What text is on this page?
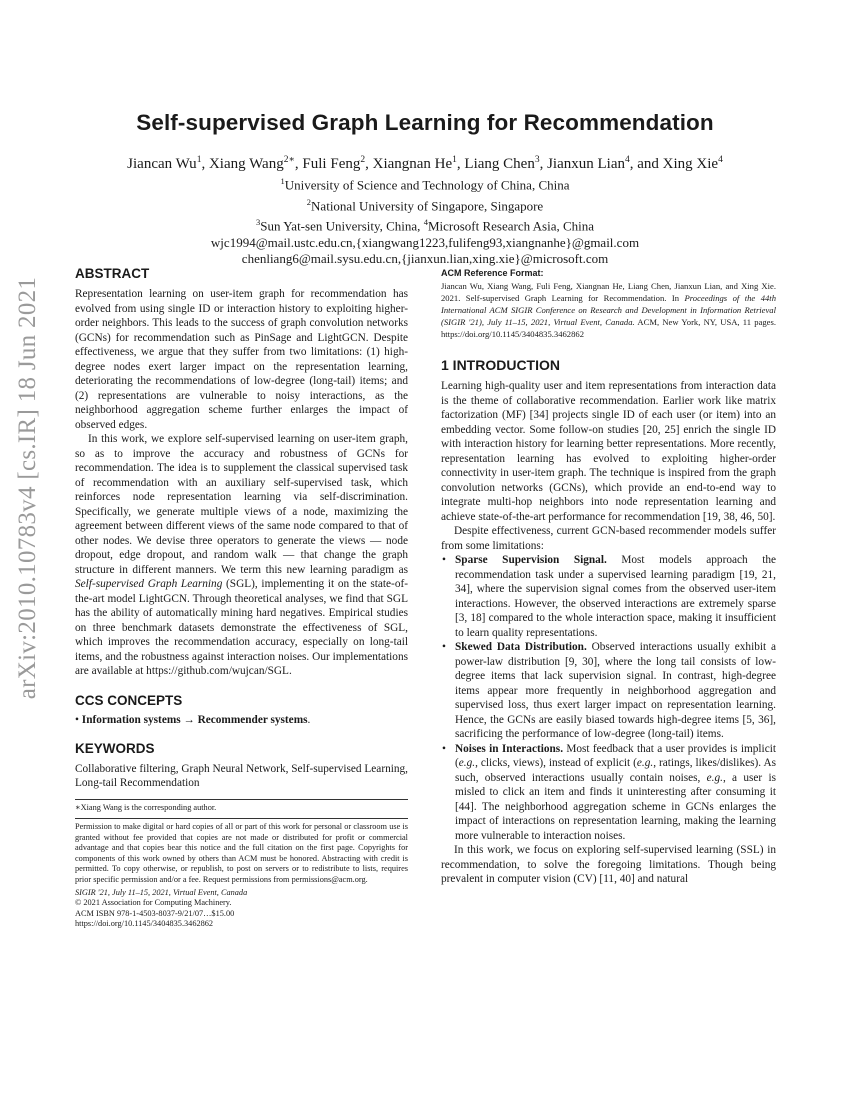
arXiv:2010.10783v4 [cs.IR] 18 Jun 2021
Self-supervised Graph Learning for Recommendation
Jiancan Wu$^1$, Xiang Wang$^{2∗}$, Fuli Feng$^2$, Xiangnan He$^1$, Liang Chen$^3$, Jianxun Lian$^4$, and Xing Xie$^4$
$^1$University of Science and Technology of China, China
$^2$National University of Singapore, Singapore
$^3$Sun Yat-sen University, China, $^4$Microsoft Research Asia, China
wjc1994@mail.ustc.edu.cn,{xiangwang1223,fulifeng93,xiangnanhe}@gmail.com
chenliang6@mail.sysu.edu.cn,{jianxun.lian,xing.xie}@microsoft.com
ABSTRACT

Representation learning on user-item graph for recommendation has evolved from using single ID or interaction history to exploiting higher-order neighbors. This leads to the success of graph convolution networks (GCNs) for recommendation such as PinSage and LightGCN. Despite effectiveness, we argue that they suffer from two limitations: (1) high-degree nodes exert larger impact on the representation learning, deteriorating the recommendations of low-degree (long-tail) items; and (2) representations are vulnerable to noisy interactions, as the neighborhood aggregation scheme further enlarges the impact of observed edges.

In this work, we explore self-supervised learning on user-item graph, so as to improve the accuracy and robustness of GCNs for recommendation. The idea is to supplement the classical supervised task of recommendation with an auxiliary self-supervised task, which reinforces node representation learning via self-discrimination. Specifically, we generate multiple views of a node, maximizing the agreement between different views of the same node compared to that of other nodes. We devise three operators to generate the views — node dropout, edge dropout, and random walk — that change the graph structure in different manners. We term this new learning paradigm as Self-supervised Graph Learning (SGL), implementing it on the state-of-the-art model LightGCN. Through theoretical analyses, we find that SGL has the ability of automatically mining hard negatives. Empirical studies on three benchmark datasets demonstrate the effectiveness of SGL, which improves the recommendation accuracy, especially on long-tail items, and the robustness against interaction noises. Our implementations are available at https://github.com/wujcan/SGL.

CCS CONCEPTS
• Information systems → Recommender systems.
KEYWORDS

Collaborative filtering, Graph Neural Network, Self-supervised Learning, Long-tail Recommendation

∗Xiang Wang is the corresponding author.

Permission to make digital or hard copies of all or part of this work for personal or classroom use is granted without fee provided that copies are not made or distributed for profit or commercial advantage and that copies bear this notice and the full citation on the first page. Copyrights for components of this work owned by others than ACM must be honored. Abstracting with credit is permitted. To copy otherwise, or republish, to post on servers or to redistribute to lists, requires prior specific permission and/or a fee. Request permissions from permissions@acm.org.

SIGIR '21, July 11–15, 2021, Virtual Event, Canada

© 2021 Association for Computing Machinery.

ACM ISBN 978-1-4503-8037-9/21/07…$15.00

https://doi.org/10.1145/3404835.3462862

ACM Reference Format:

Jiancan Wu, Xiang Wang, Fuli Feng, Xiangnan He, Liang Chen, Jianxun Lian, and Xing Xie. 2021. Self-supervised Graph Learning for Recommendation. In Proceedings of the 44th International ACM SIGIR Conference on Research and Development in Information Retrieval (SIGIR '21), July 11–15, 2021, Virtual Event, Canada. ACM, New York, NY, USA, 11 pages. https://doi.org/10.1145/3404835.3462862

1 INTRODUCTION

Learning high-quality user and item representations from interaction data is the theme of collaborative recommendation. Earlier work like matrix factorization (MF) [34] projects single ID of each user (or item) into an embedding vector. Some follow-on studies [20, 25] enrich the single ID with interaction history for learning better representations. More recently, representation learning has evolved to exploiting higher-order connectivity in user-item graph. The technique is inspired from the graph convolution networks (GCNs), which provide an end-to-end way to integrate multi-hop neighbors into node representation learning and achieve state-of-the-art performance for recommendation [19, 38, 46, 50].

Despite effectiveness, current GCN-based recommender models suffer from some limitations:

• Sparse Supervision Signal. Most models approach the recommendation task under a supervised learning paradigm [19, 21, 34], where the supervision signal comes from the observed user-item interactions. However, the observed interactions are extremely sparse [3, 18] compared to the whole interaction space, making it insufficient to learn quality representations.
• Skewed Data Distribution. Observed interactions usually exhibit a power-law distribution [9, 30], where the long tail consists of low-degree items that lack supervision signal. In contrast, high-degree items appear more frequently in neighborhood aggregation and supervised loss, thus exert larger impact on representation learning. Hence, the GCNs are easily biased towards high-degree items [5, 36], sacrificing the performance of low-degree (long-tail) items.
• Noises in Interactions. Most feedback that a user provides is implicit (e.g., clicks, views), instead of explicit (e.g., ratings, likes/dislikes). As such, observed interactions usually contain noises, e.g., a user is misled to click an item and finds it uninteresting after consuming it [44]. The neighborhood aggregation scheme in GCNs enlarges the impact of interactions on representation learning, making the learning more vulnerable to interaction noises.

In this work, we focus on exploring self-supervised learning (SSL) in recommendation, to solve the foregoing limitations. Though being prevalent in computer vision (CV) [11, 40] and natural
